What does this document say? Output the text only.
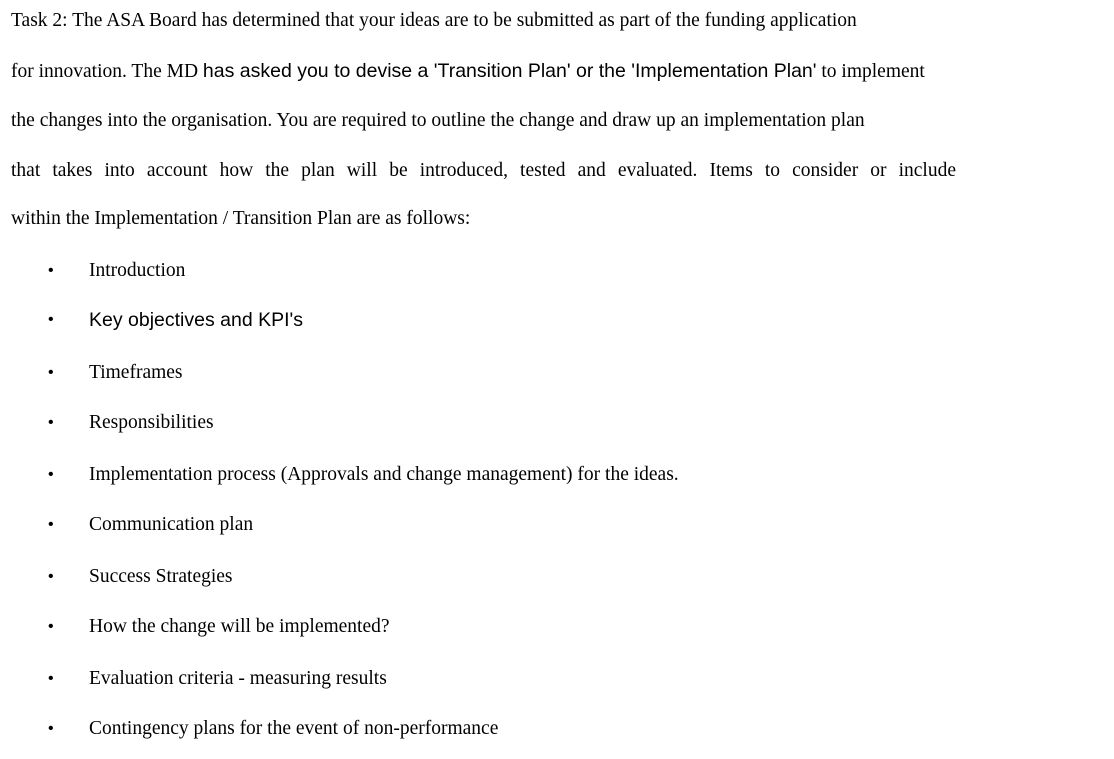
Task 2: The ASA Board has determined that your ideas are to be submitted as part of the funding application
for innovation. The MD has asked you to devise a 'Transition Plan' or the 'Implementation Plan' to implement
the changes into the organisation. You are required to outline the change and draw up an implementation plan
that takes into account how the plan will be introduced, tested and evaluated. Items to consider or include
within the Implementation / Transition Plan are as follows:
• Introduction
• Key objectives and KPI's
• Timeframes
• Responsibilities
• Implementation process (Approvals and change management) for the ideas.
• Communication plan
• Success Strategies
• How the change will be implemented?
• Evaluation criteria - measuring results
• Contingency plans for the event of non-performance
